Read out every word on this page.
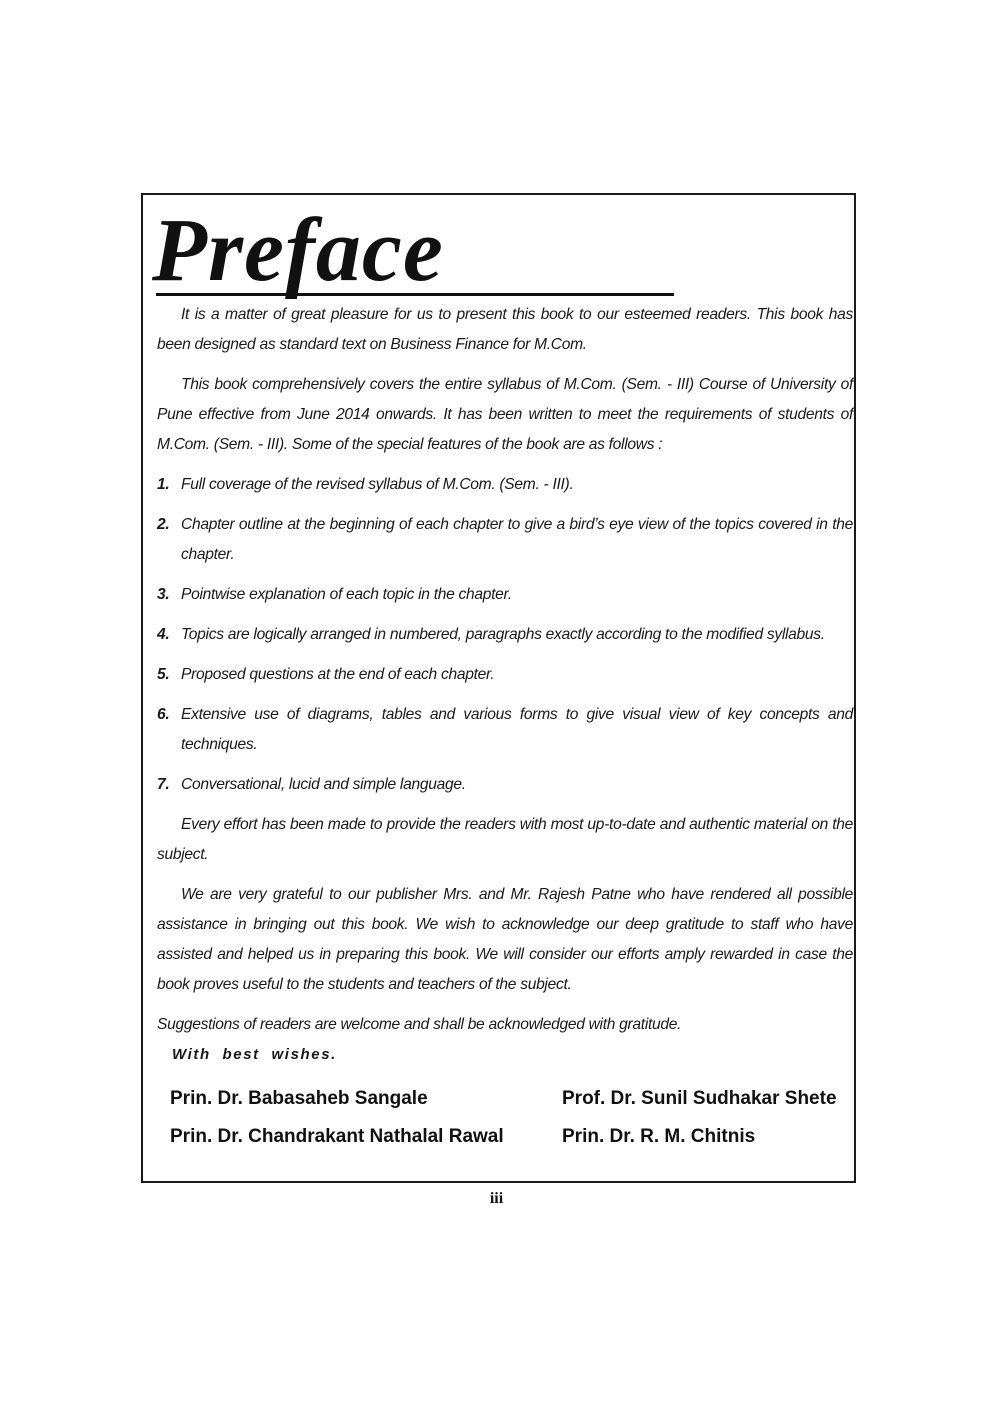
Preface

It is a matter of great pleasure for us to present this book to our esteemed readers. This book has been designed as standard text on Business Finance for M.Com.

This book comprehensively covers the entire syllabus of M.Com. (Sem. - III) Course of University of Pune effective from June 2014 onwards. It has been written to meet the requirements of students of M.Com. (Sem. - III). Some of the special features of the book are as follows :

1. Full coverage of the revised syllabus of M.Com. (Sem. - III).
2. Chapter outline at the beginning of each chapter to give a bird’s eye view of the topics covered in the chapter.
3. Pointwise explanation of each topic in the chapter.
4. Topics are logically arranged in numbered, paragraphs exactly according to the modified syllabus.
5. Proposed questions at the end of each chapter.
6. Extensive use of diagrams, tables and various forms to give visual view of key concepts and techniques.
7. Conversational, lucid and simple language.

Every effort has been made to provide the readers with most up-to-date and authentic material on the subject.

We are very grateful to our publisher Mrs. and Mr. Rajesh Patne who have rendered all possible assistance in bringing out this book. We wish to acknowledge our deep gratitude to staff who have assisted and helped us in preparing this book. We will consider our efforts amply rewarded in case the book proves useful to the students and teachers of the subject.

Suggestions of readers are welcome and shall be acknowledged with gratitude.

With best wishes.
Prin. Dr. Babasaheb Sangale	Prof. Dr. Sunil Sudhakar Shete
Prin. Dr. Chandrakant Nathalal Rawal	Prin. Dr. R. M. Chitnis
iii
